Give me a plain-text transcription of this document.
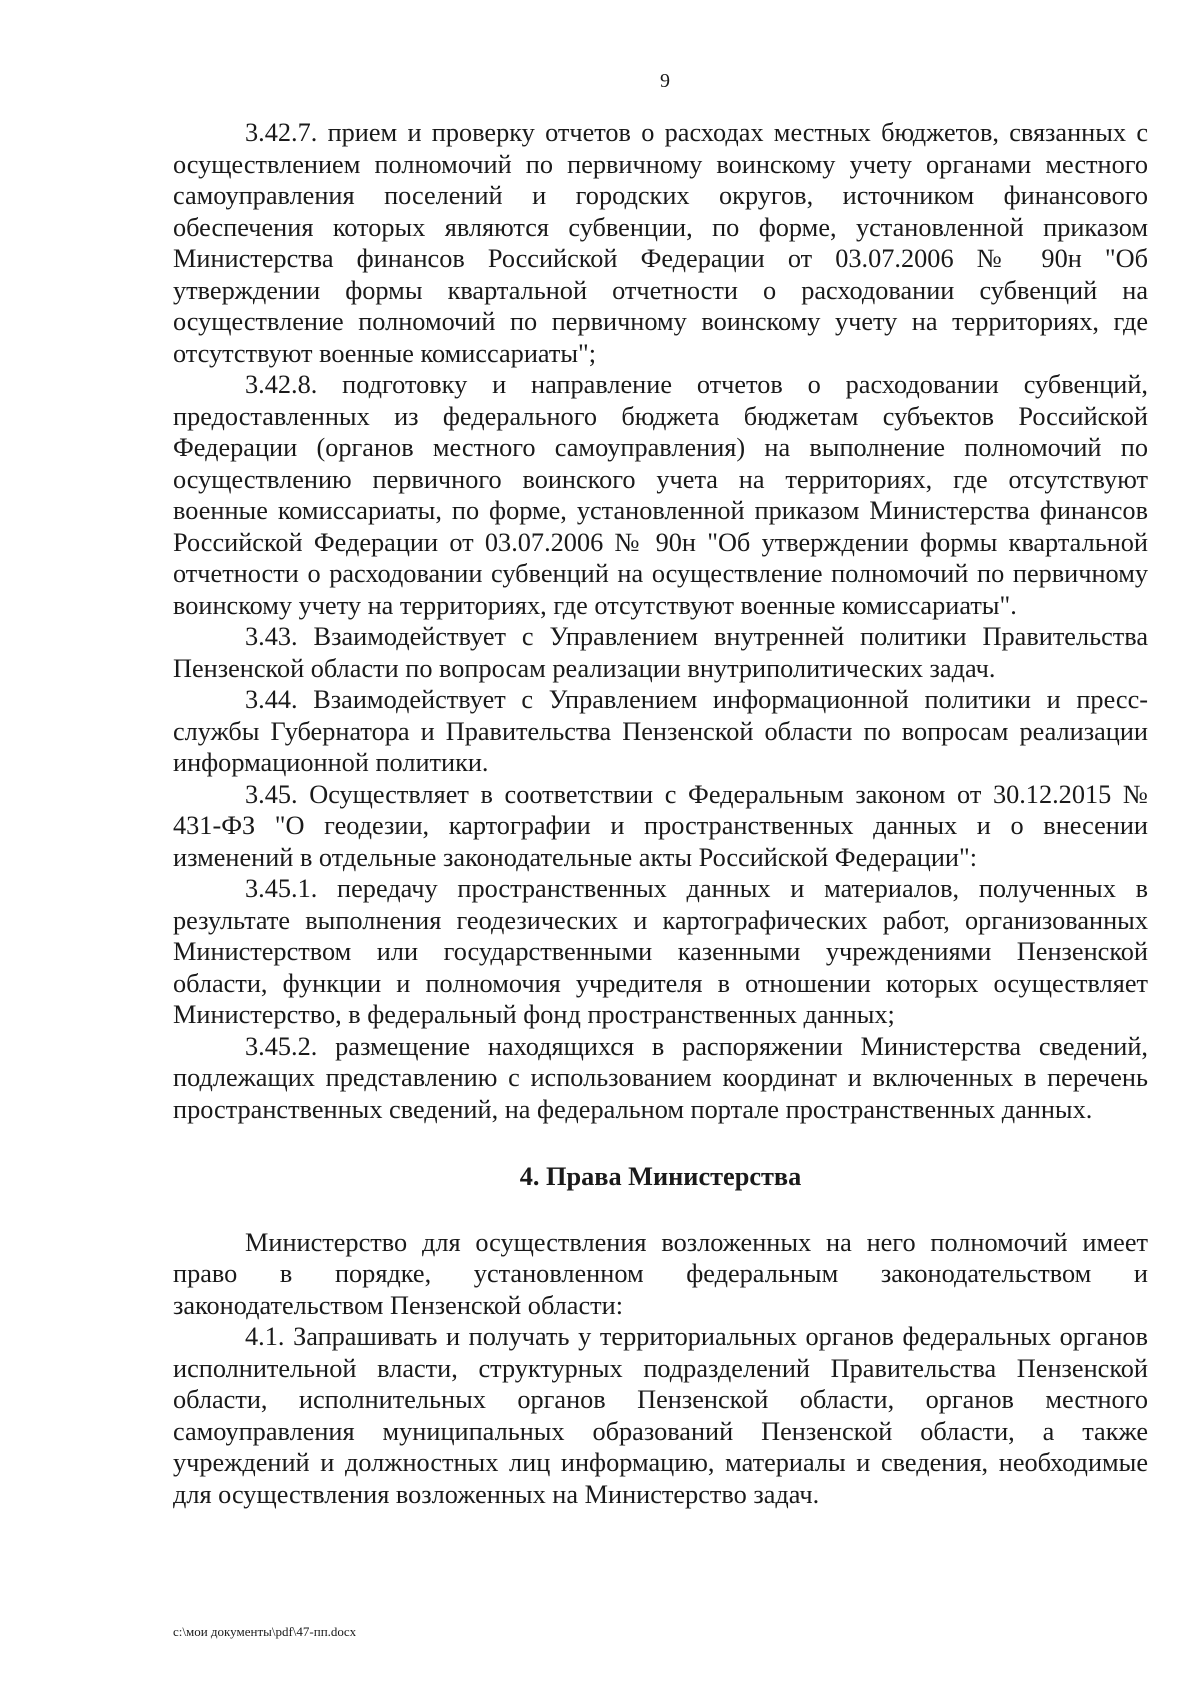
9

3.42.7. прием и проверку отчетов о расходах местных бюджетов, связанных с осуществлением полномочий по первичному воинскому учету органами местного самоуправления поселений и городских округов, источником финансового обеспечения которых являются субвенции, по форме, установленной приказом Министерства финансов Российской Федерации от 03.07.2006 № 90н "Об утверждении формы квартальной отчетности о расходовании субвенций на осуществление полномочий по первичному воинскому учету на территориях, где отсутствуют военные комиссариаты";

3.42.8. подготовку и направление отчетов о расходовании субвенций, предоставленных из федерального бюджета бюджетам субъектов Российской Федерации (органов местного самоуправления) на выполнение полномочий по осуществлению первичного воинского учета на территориях, где отсутствуют военные комиссариаты, по форме, установленной приказом Министерства финансов Российской Федерации от 03.07.2006 № 90н "Об утверждении формы квартальной отчетности о расходовании субвенций на осуществление полномочий по первичному воинскому учету на территориях, где отсутствуют военные комиссариаты".

3.43. Взаимодействует с Управлением внутренней политики Правительства Пензенской области по вопросам реализации внутриполитических задач.

3.44. Взаимодействует с Управлением информационной политики и пресс-службы Губернатора и Правительства Пензенской области по вопросам реализации информационной политики.

3.45. Осуществляет в соответствии с Федеральным законом от 30.12.2015 № 431-ФЗ "О геодезии, картографии и пространственных данных и о внесении изменений в отдельные законодательные акты Российской Федерации":

3.45.1. передачу пространственных данных и материалов, полученных в результате выполнения геодезических и картографических работ, организованных Министерством или государственными казенными учреждениями Пензенской области, функции и полномочия учредителя в отношении которых осуществляет Министерство, в федеральный фонд пространственных данных;

3.45.2. размещение находящихся в распоряжении Министерства сведений, подлежащих представлению с использованием координат и включенных в перечень пространственных сведений, на федеральном портале пространственных данных.

4. Права Министерства

Министерство для осуществления возложенных на него полномочий имеет право в порядке, установленном федеральным законодательством и законодательством Пензенской области:

4.1. Запрашивать и получать у территориальных органов федеральных органов исполнительной власти, структурных подразделений Правительства Пензенской области, исполнительных органов Пензенской области, органов местного самоуправления муниципальных образований Пензенской области, а также учреждений и должностных лиц информацию, материалы и сведения, необходимые для осуществления возложенных на Министерство задач.

c:\мои документы\pdf\47-пп.docx
